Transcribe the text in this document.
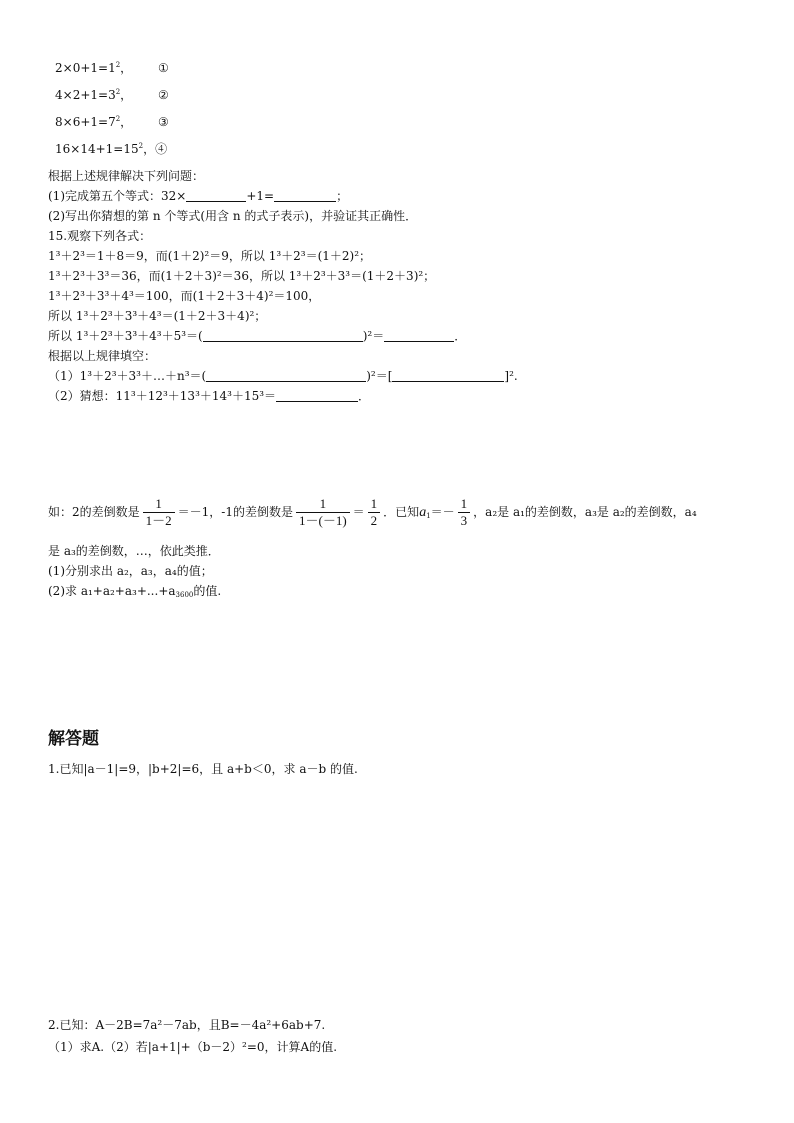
$2\times 0+1=1^2$， ①
$4\times 2+1=3^2$， ②
$8\times 6+1=7^2$， ③
$16\times 14+1=15^2$，④
根据上述规律解决下列问题：
(1)完成第五个等式：32×	+1=	；
(2)写出你猜想的第 n 个等式(用含 n 的式子表示)，并验证其正确性．
15.观察下列各式：
1³＋2³＝1＋8＝9，而(1＋2)²＝9，所以 1³＋2³＝(1＋2)²；
1³＋2³＋3³＝36，而(1＋2＋3)²＝36，所以 1³＋2³＋3³＝(1＋2＋3)²；
1³＋2³＋3³＋4³＝100，而(1＋2＋3＋4)²＝100，
所以 1³＋2³＋3³＋4³＝(1＋2＋3＋4)²；
所以 1³＋2³＋3³＋4³＋5³＝(	)²＝	．
根据以上规律填空：
（1）1³＋2³＋3³＋…＋n³＝(	)²＝[	]².
（2）猜想：11³＋12³＋13³＋14³＋15³＝	．
如：2的差倒数是 $\frac{1}{1-2} =-1$，-1的差倒数是 $\frac{1}{1-(-1)} = \frac{1}{2}$ ．已知$a_1=- \frac{1}{3}$ ，a₂是 a₁的差倒数，a₃是 a₂的差倒数，a₄
是 a₃的差倒数，…，依此类推．
(1)分别求出 a₂，a₃，a₄的值；
(2)求 $a_1+a_2+a_3+...+a_{3600}$的值.
解答题
1.已知|a－1|=9，|b+2|=6，且 a+b＜0，求 a－b 的值.
2.已知：A－2B=7a²－7ab，且B=－4a²+6ab+7.
（1）求A.（2）若|a+1|+（b－2）²=0，计算A的值.
